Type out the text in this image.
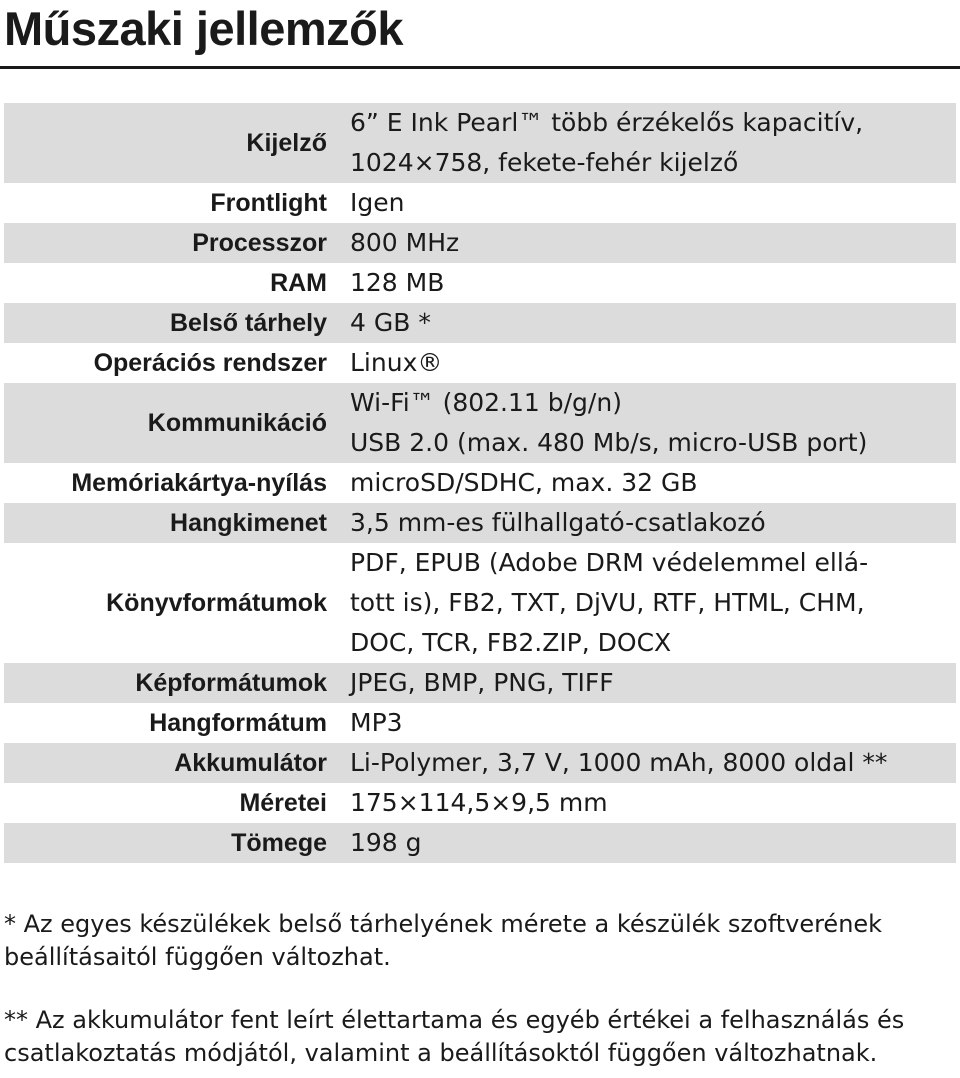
Műszaki jellemzők
Kijelző	6” E Ink Pearl™ több érzékelős kapacitív,
1024×758, fekete-fehér kijelző

Frontlight	Igen

Processzor	800 MHz

RAM	128 MB

Belső tárhely	4 GB *

Operációs rendszer	Linux®

Kommunikáció	Wi-Fi™ (802.11 b/g/n)
USB 2.0 (max. 480 Mb/s, micro-USB port)

Memóriakártya-nyílás	microSD/SDHC, max. 32 GB

Hangkimenet	3,5 mm-es fülhallgató-csatlakozó

Könyvformátumok	PDF, EPUB (Adobe DRM védelemmel ellá-
tott is), FB2, TXT, DjVU, RTF, HTML, CHM,
DOC, TCR, FB2.ZIP, DOCX

Képformátumok	JPEG, BMP, PNG, TIFF

Hangformátum	MP3

Akkumulátor	Li-Polymer, 3,7 V, 1000 mAh, 8000 oldal **

Méretei	175×114,5×9,5 mm

Tömege	198 g
* Az egyes készülékek belső tárhelyének mérete a készülék szoftverének
beállításaitól függően változhat.
** Az akkumulátor fent leírt élettartama és egyéb értékei a felhasználás és
csatlakoztatás módjától, valamint a beállításoktól függően változhatnak.
